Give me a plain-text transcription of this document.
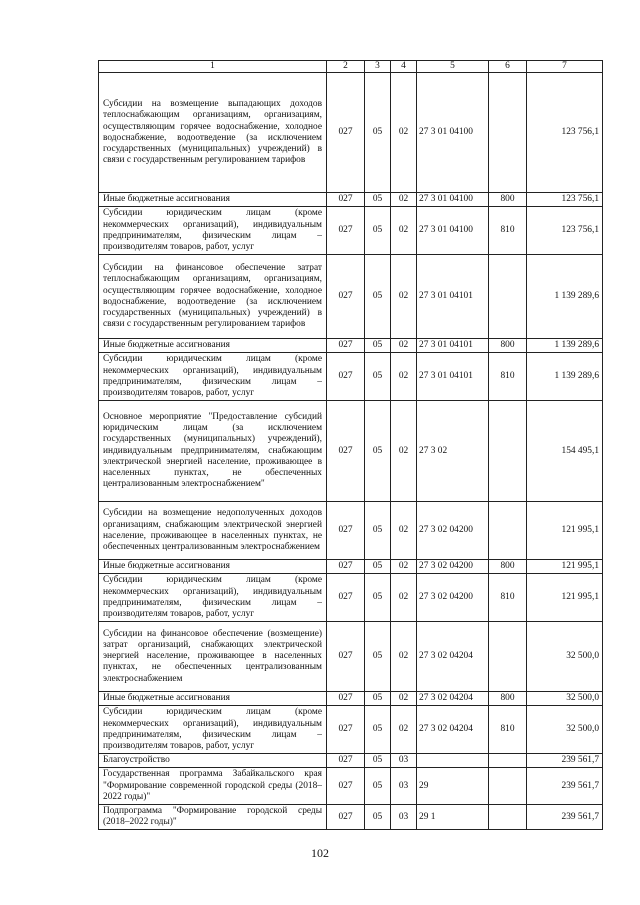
1	2	3	4	5	6	7
Субсидии на возмещение выпадающих доходов теплоснабжающим организациям, организациям, осуществляющим горячее водоснабжение, холодное водоснабжение, водоотведение (за исключением государственных (муниципальных) учреждений) в связи с государственным регулированием тарифов	027	05	02	27 3 01 04100		123 756,1
Иные бюджетные ассигнования	027	05	02	27 3 01 04100	800	123 756,1
Субсидии юридическим лицам (кроме некоммерческих организаций), индивидуальным предпринимателям, физическим лицам – производителям товаров, работ, услуг	027	05	02	27 3 01 04100	810	123 756,1
Субсидии на финансовое обеспечение затрат теплоснабжающим организациям, организациям, осуществляющим горячее водоснабжение, холодное водоснабжение, водоотведение (за исключением государственных (муниципальных) учреждений) в связи с государственным регулированием тарифов	027	05	02	27 3 01 04101		1 139 289,6
Иные бюджетные ассигнования	027	05	02	27 3 01 04101	800	1 139 289,6
Субсидии юридическим лицам (кроме некоммерческих организаций), индивидуальным предпринимателям, физическим лицам – производителям товаров, работ, услуг	027	05	02	27 3 01 04101	810	1 139 289,6
Основное мероприятие "Предоставление субсидий юридическим лицам (за исключением государственных (муниципальных) учреждений), индивидуальным предпринимателям, снабжающим электрической энергией население, проживающее в населенных пунктах, не обеспеченных централизованным электроснабжением"	027	05	02	27 3 02		154 495,1
Субсидии на возмещение недополученных доходов организациям, снабжающим электрической энергией население, проживающее в населенных пунктах, не обеспеченных централизованным электроснабжением	027	05	02	27 3 02 04200		121 995,1
Иные бюджетные ассигнования	027	05	02	27 3 02 04200	800	121 995,1
Субсидии юридическим лицам (кроме некоммерческих организаций), индивидуальным предпринимателям, физическим лицам – производителям товаров, работ, услуг	027	05	02	27 3 02 04200	810	121 995,1
Субсидии на финансовое обеспечение (возмещение) затрат организаций, снабжающих электрической энергией население, проживающее в населенных пунктах, не обеспеченных централизованным электроснабжением	027	05	02	27 3 02 04204		32 500,0
Иные бюджетные ассигнования	027	05	02	27 3 02 04204	800	32 500,0
Субсидии юридическим лицам (кроме некоммерческих организаций), индивидуальным предпринимателям, физическим лицам – производителям товаров, работ, услуг	027	05	02	27 3 02 04204	810	32 500,0
Благоустройство	027	05	03			239 561,7
Государственная программа Забайкальского края "Формирование современной городской среды (2018–2022 годы)"	027	05	03	29		239 561,7
Подпрограмма "Формирование городской среды (2018–2022 годы)"	027	05	03	29 1		239 561,7
102
